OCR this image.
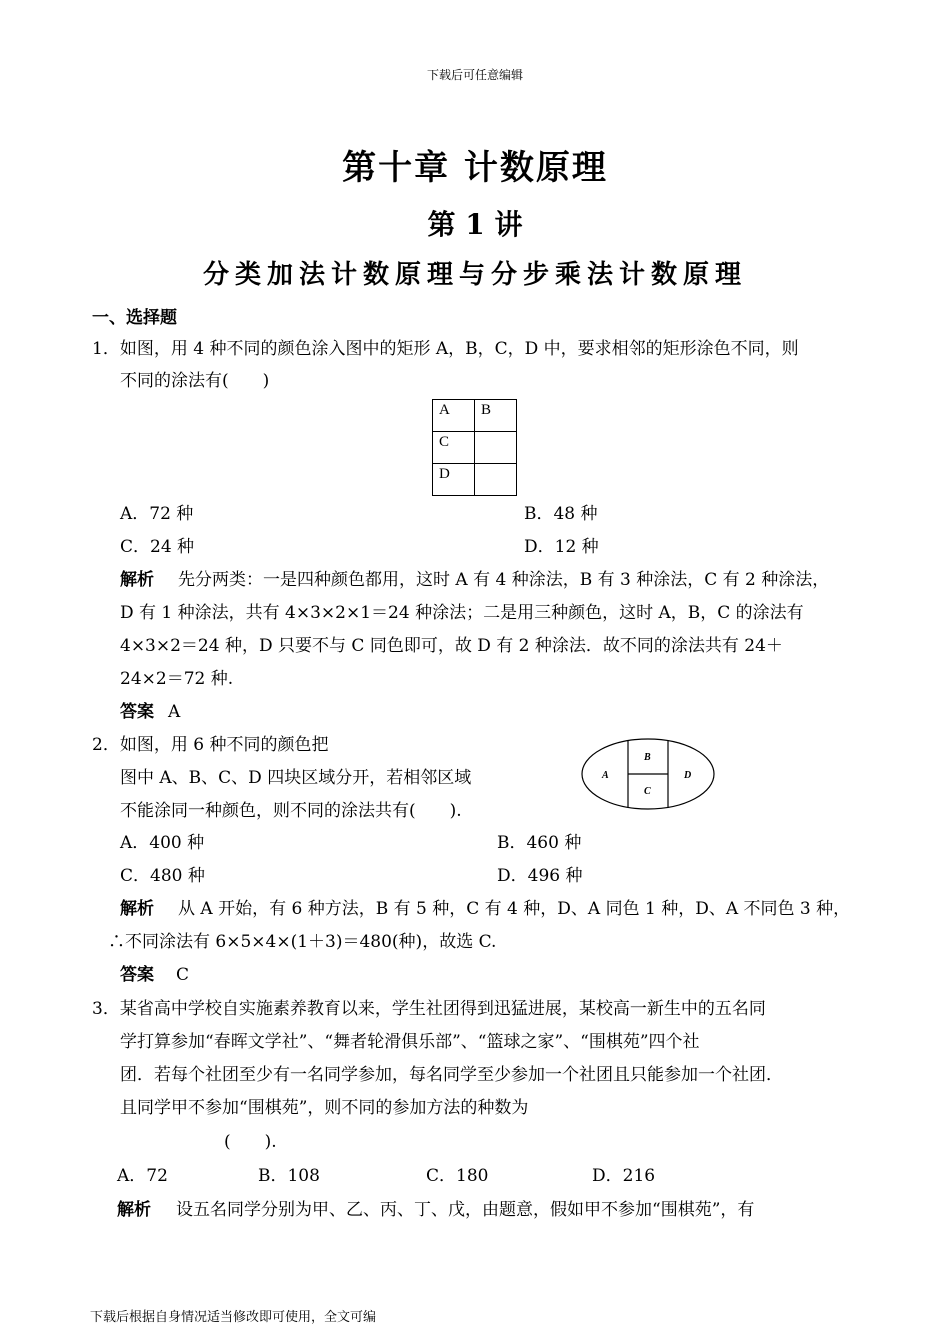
下载后可任意编辑
第十章 计数原理
第 1 讲
分类加法计数原理与分步乘法计数原理
一、选择题
1．如图，用 4 种不同的颜色涂入图中的矩形 A，B，C，D 中，要求相邻的矩形涂色不同，则
不同的涂法有(　　)
A	B
C	
D	
A．72 种	B．48 种
C．24 种	D．12 种
解析 先分两类：一是四种颜色都用，这时 A 有 4 种涂法，B 有 3 种涂法，C 有 2 种涂法，
D 有 1 种涂法，共有 4×3×2×1＝24 种涂法；二是用三种颜色，这时 A，B，C 的涂法有
4×3×2＝24 种，D 只要不与 C 同色即可，故 D 有 2 种涂法．故不同的涂法共有 24＋
24×2＝72 种.
答案 A
2．如图，用 6 种不同的颜色把
图中 A、B、C、D 四块区域分开，若相邻区域
不能涂同一种颜色，则不同的涂法共有(　　).
A
B
C
D
A．400 种	B．460 种
C．480 种	D．496 种
解析 从 A 开始，有 6 种方法，B 有 5 种，C 有 4 种，D、A 同色 1 种，D、A 不同色 3 种，
∴不同涂法有 6×5×4×(1＋3)＝480(种)，故选 C.
答案 C
3．某省高中学校自实施素养教育以来，学生社团得到迅猛进展，某校高一新生中的五名同
学打算参加“春晖文学社”、“舞者轮滑俱乐部”、“篮球之家”、“围棋苑”四个社
团．若每个社团至少有一名同学参加，每名同学至少参加一个社团且只能参加一个社团．
且同学甲不参加“围棋苑”，则不同的参加方法的种数为
(　　).
A．72	B．108	C．180	D．216
解析 设五名同学分别为甲、乙、丙、丁、戊，由题意，假如甲不参加“围棋苑”，有
下载后根据自身情况适当修改即可使用，全文可编
